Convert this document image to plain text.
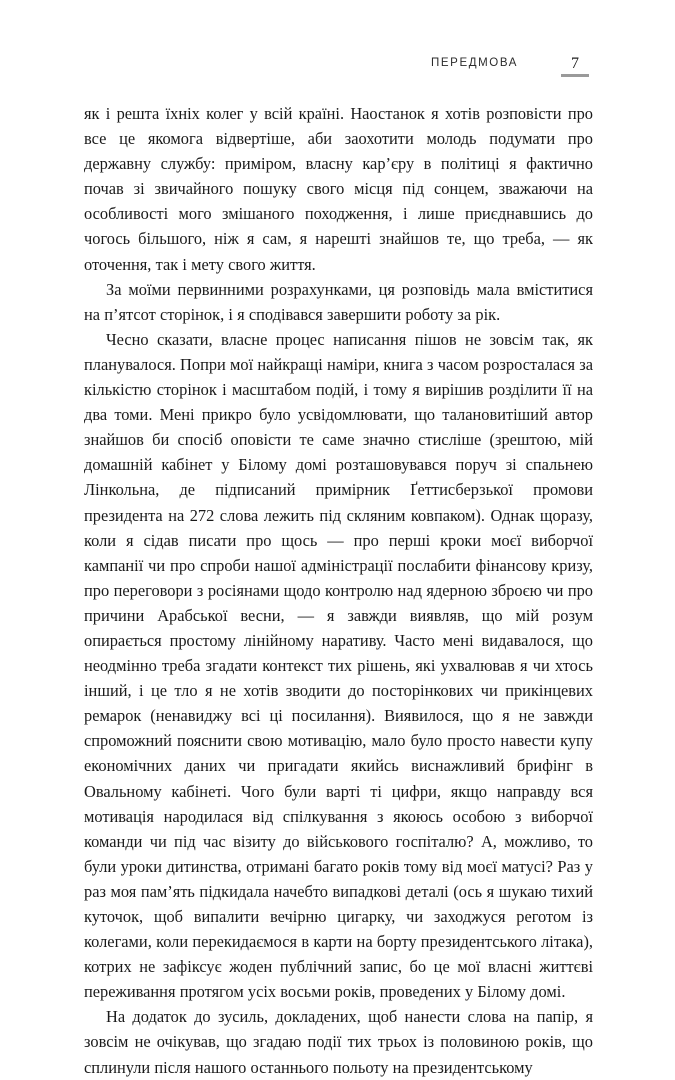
ПЕРЕДМОВА	7

як і решта їхніх колег у всій країні. Наостанок я хотів розповісти про все це якомога відвертіше, аби заохотити молодь подумати про державну службу: приміром, власну кар’єру в політиці я фактично почав зі звичайного пошуку свого місця під сонцем, зважаючи на особливості мого змішаного походження, і лише приєднавшись до чогось більшого, ніж я сам, я нарешті знайшов те, що треба, — як оточення, так і мету свого життя.

За моїми первинними розрахунками, ця розповідь мала вміститися на п’ятсот сторінок, і я сподівався завершити роботу за рік.

Чесно сказати, власне процес написання пішов не зовсім так, як планувалося. Попри мої найкращі наміри, книга з часом розросталася за кількістю сторінок і масштабом подій, і тому я вирішив розділити її на два томи. Мені прикро було усвідомлювати, що талановитіший автор знайшов би спосіб оповісти те саме значно стисліше (зрештою, мій домашній кабінет у Білому домі розташовувався поруч зі спальнею Лінкольна, де підписаний примірник Ґеттисберзької промови президента на 272 слова лежить під скляним ковпаком). Однак щоразу, коли я сідав писати про щось — про перші кроки моєї виборчої кампанії чи про спроби нашої адміністрації послабити фінансову кризу, про переговори з росіянами щодо контролю над ядерною зброєю чи про причини Арабської весни, — я завжди виявляв, що мій розум опирається простому лінійному наративу. Часто мені видавалося, що неодмінно треба згадати контекст тих рішень, які ухвалював я чи хтось інший, і це тло я не хотів зводити до посторінкових чи прикінцевих ремарок (ненавиджу всі ці посилання). Виявилося, що я не завжди спроможний пояснити свою мотивацію, мало було просто навести купу економічних даних чи пригадати якийсь виснажливий брифінг в Овальному кабінеті. Чого були варті ті цифри, якщо направду вся мотивація народилася від спілкування з якоюсь особою з виборчої команди чи під час візиту до військового госпіталю? А, можливо, то були уроки дитинства, отримані багато років тому від моєї матусі? Раз у раз моя пам’ять підкидала начебто випадкові деталі (ось я шукаю тихий куточок, щоб випалити вечірню цигарку, чи заходжуся реготом із колегами, коли перекидаємося в карти на борту президентського літака), котрих не зафіксує жоден публічний запис, бо це мої власні життєві переживання протягом усіх восьми років, проведених у Білому домі.

На додаток до зусиль, докладених, щоб нанести слова на папір, я зовсім не очікував, що згадаю події тих трьох із половиною років, що сплинули після нашого останнього польоту на президентському
